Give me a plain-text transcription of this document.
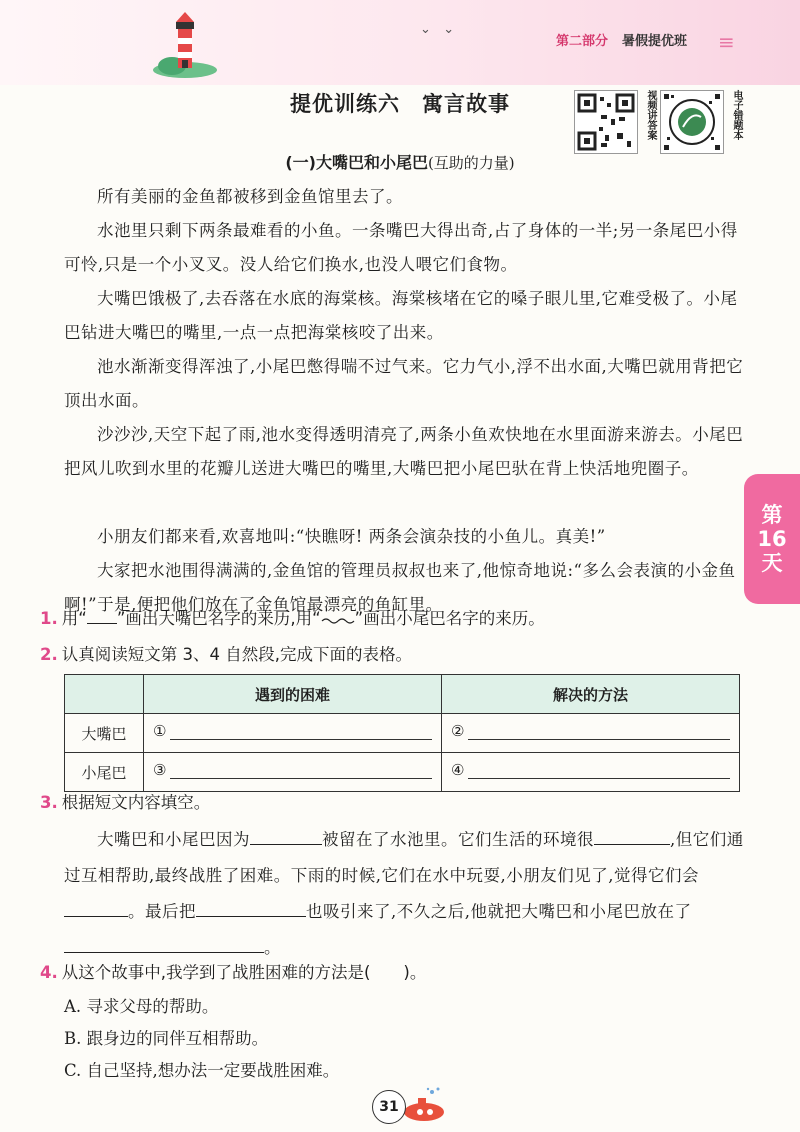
⌄   ⌄
第二部分 暑假提优班 ≡
提优训练六　寓言故事	视频讲答案	电子错题本
(一)大嘴巴和小尾巴(互助的力量)
所有美丽的金鱼都被移到金鱼馆里去了。
水池里只剩下两条最难看的小鱼。一条嘴巴大得出奇,占了身体的一半;另一条尾巴小得可怜,只是一个小叉叉。没人给它们换水,也没人喂它们食物。
大嘴巴饿极了,去吞落在水底的海棠核。海棠核堵在它的嗓子眼儿里,它难受极了。小尾巴钻进大嘴巴的嘴里,一点一点把海棠核咬了出来。
池水渐渐变得浑浊了,小尾巴憋得喘不过气来。它力气小,浮不出水面,大嘴巴就用背把它顶出水面。
沙沙沙,天空下起了雨,池水变得透明清亮了,两条小鱼欢快地在水里面游来游去。小尾巴把风儿吹到水里的花瓣儿送进大嘴巴的嘴里,大嘴巴把小尾巴驮在背上快活地兜圈子。
小朋友们都来看,欢喜地叫:“快瞧呀! 两条会演杂技的小鱼儿。真美!”
大家把水池围得满满的,金鱼馆的管理员叔叔也来了,他惊奇地说:“多么会表演的小金鱼啊!”于是,便把他们放在了金鱼馆最漂亮的鱼缸里。
1. 用“ ”画出大嘴巴名字的来历,用“ ”画出小尾巴名字的来历。
2. 认真阅读短文第 3、4 自然段,完成下面的表格。
	遇到的困难	解决的方法
大嘴巴	①	②

小尾巴	③	④
3. 根据短文内容填空。
大嘴巴和小尾巴因为	被留在了水池里。它们生活的环境很	,但它们通过互相帮助,最终战胜了困难。下雨的时候,它们在水中玩耍,小朋友们见了,觉得它们会。最后把	也吸引来了,不久之后,他就把大嘴巴和小尾巴放在了。
4. 从这个故事中,我学到了战胜困难的方法是(　　)。
A. 寻求父母的帮助。
B. 跟身边的同伴互相帮助。
C. 自己坚持,想办法一定要战胜困难。
第
16
天
31
